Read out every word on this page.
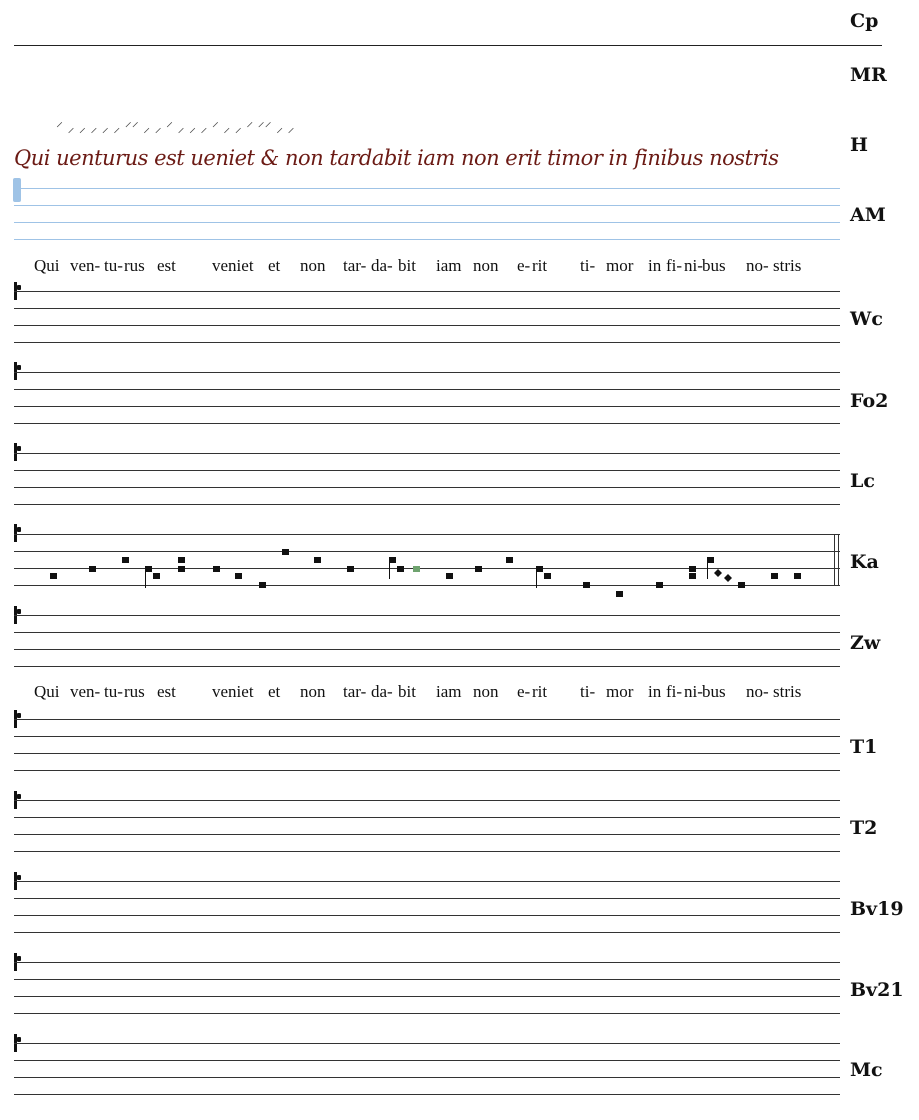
Cp
MR
H
AM
Wc
Fo2
Lc
Ka
Zw
T1
T2
Bv19
Bv21
Mc
⸍ ⸝ ⸝ ⸝ ⸝ ⸝ ⸍⸍ ⸝ ⸝ ⸍ ⸝ ⸝ ⸝ ⸍ ⸝ ⸝ ⸍ ⸍⸍ ⸝ ⸝
Qui uenturus est ueniet & non tardabit iam non erit timor in finibus nostris
Qui ven- tu- rus est veniet et non tar- da- bit iam non e- rit ti- mor in fi- ni- bus no- stris
Qui ven- tu- rus est veniet et non tar- da- bit iam non e- rit ti- mor in fi- ni- bus no- stris
